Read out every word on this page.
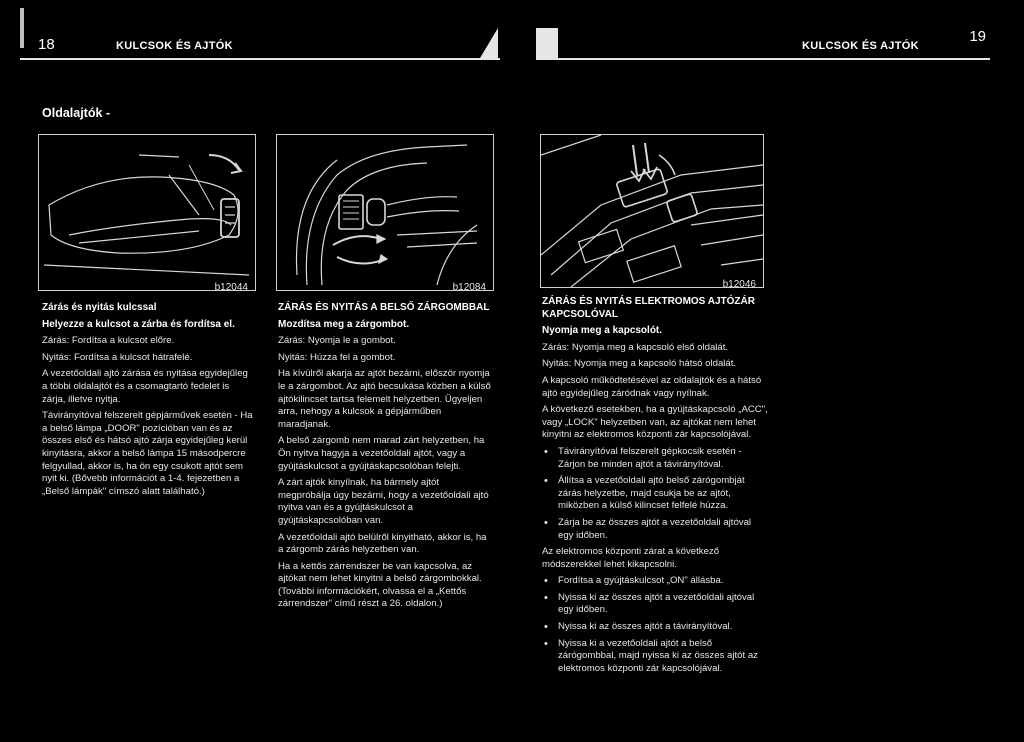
18	KULCSOK ÉS AJTÓK
Oldalajtók -
b12044	b12084

Zárás és nyitás kulcssal

Helyezze a kulcsot a zárba és fordítsa el.

Zárás: Fordítsa a kulcsot előre.

Nyitás: Fordítsa a kulcsot hátrafelé.

A vezetőoldali ajtó zárása és nyitása egyidejűleg a többi oldalajtót és a csomagtartó fedelet is zárja, illetve nyitja.

Távirányítóval felszerelt gépjárművek esetén - Ha a belső lámpa „DOOR" pozícióban van és az összes első és hátsó ajtó zárja egyidejűleg kerül kinyitásra, akkor a belső lámpa 15 másodpercre felgyullad, akkor is, ha ön egy csukott ajtót sem nyit ki. (Bővebb információt a 1-4. fejezetben a „Belső lámpák" címszó alatt található.)

ZÁRÁS ÉS NYITÁS A BELSŐ ZÁRGOMBBAL

Mozdítsa meg a zárgombot.

Zárás: Nyomja le a gombot.

Nyitás: Húzza fel a gombot.

Ha kívülről akarja az ajtót bezárni, először nyomja le a zárgombot. Az ajtó becsukása közben a külső ajtókilincset tartsa felemelt helyzetben. Ügyeljen arra, nehogy a kulcsok a gépjárműben maradjanak.

A belső zárgomb nem marad zárt helyzetben, ha Ön nyitva hagyja a vezetőoldali ajtót, vagy a gyújtáskulcsot a gyújtáskapcsolóban felejti.

A zárt ajtók kinyílnak, ha bármely ajtót megpróbálja úgy bezárni, hogy a vezetőoldali ajtó nyitva van és a gyújtáskulcsot a gyújtáskapcsolóban van.

A vezetőoldali ajtó belülről kinyitható, akkor is, ha a zárgomb zárás helyzetben van.

Ha a kettős zárrendszer be van kapcsolva, az ajtókat nem lehet kinyitni a belső zárgombokkal. (További információkért, olvassa el a „Kettős zárrendszer" című részt a 26. oldalon.)

KULCSOK ÉS AJTÓK
19
b12046

ZÁRÁS ÉS NYITÁS ELEKTROMOS AJTÓZÁR KAPCSOLÓVAL

Nyomja meg a kapcsolót.

Zárás: Nyomja meg a kapcsoló első oldalát.

Nyitás: Nyomja meg a kapcsoló hátsó oldalát.

A kapcsoló működtetésével az oldalajtók és a hátsó ajtó egyidejűleg záródnak vagy nyílnak.

A következő esetekben, ha a gyújtáskapcsoló „ACC", vagy „LOCK" helyzetben van, az ajtókat nem lehet kinyitni az elektromos központi zár kapcsolójával.

• Távirányítóval felszerelt gépkocsik esetén - Zárjon be minden ajtót a távirányítóval.
• Állítsa a vezetőoldali ajtó belső zárógombját zárás helyzetbe, majd csukja be az ajtót, miközben a külső kilincset felfelé húzza.
• Zárja be az összes ajtót a vezetőoldali ajtóval egy időben.

Az elektromos központi zárat a következő módszerekkel lehet kikapcsolni.

• Fordítsa a gyújtáskulcsot „ON" állásba.
• Nyissa ki az összes ajtót a vezetőoldali ajtóval egy időben.
• Nyissa ki az összes ajtót a távirányítóval.
• Nyissa ki a vezetőoldali ajtót a belső zárógombbal, majd nyissa ki az összes ajtót az elektromos központi zár kapcsolójával.
